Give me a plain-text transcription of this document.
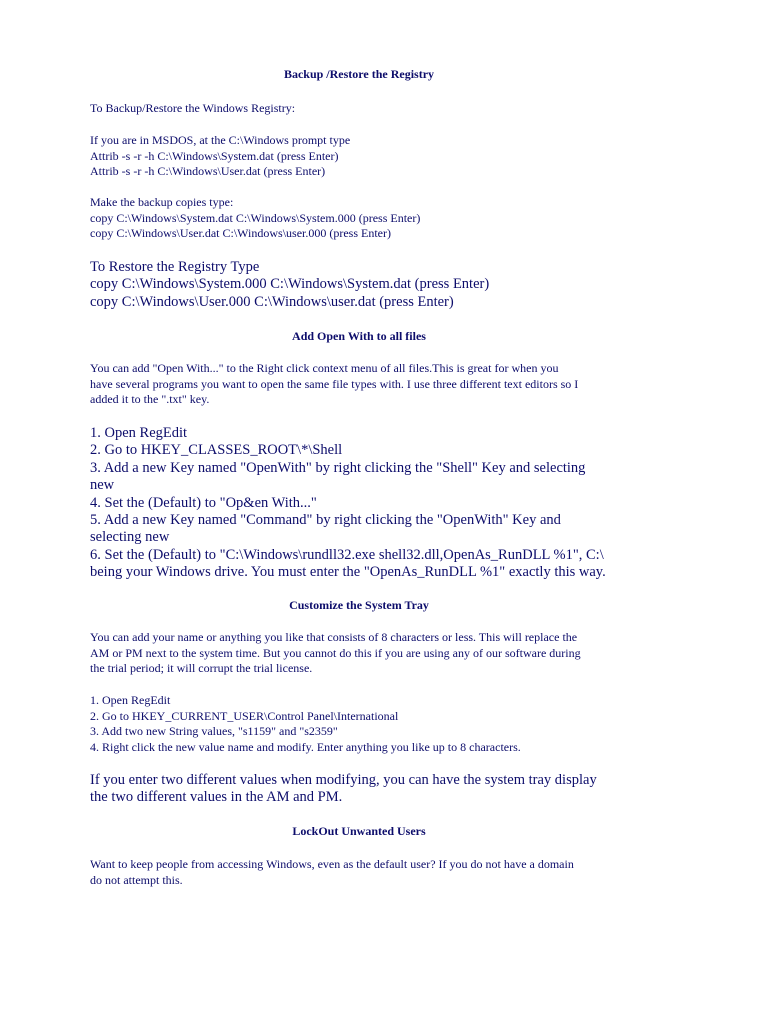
Backup /Restore the Registry

To Backup/Restore the Windows Registry:

If you are in MSDOS, at the C:\Windows prompt type
Attrib -s -r -h C:\Windows\System.dat (press Enter)
Attrib -s -r -h C:\Windows\User.dat (press Enter)

Make the backup copies type:
copy C:\Windows\System.dat C:\Windows\System.000 (press Enter)
copy C:\Windows\User.dat C:\Windows\user.000 (press Enter)

To Restore the Registry Type
copy C:\Windows\System.000 C:\Windows\System.dat (press Enter)
copy C:\Windows\User.000 C:\Windows\user.dat (press Enter)

Add Open With to all files

You can add "Open With..." to the Right click context menu of all files.This is great for when you
have several programs you want to open the same file types with. I use three different text editors so I
added it to the ".txt" key.

1. Open RegEdit
2. Go to HKEY_CLASSES_ROOT\*\Shell
3. Add a new Key named "OpenWith" by right clicking the "Shell" Key and selecting
new
4. Set the (Default) to "Op&en With..."
5. Add a new Key named "Command" by right clicking the "OpenWith" Key and
selecting new
6. Set the (Default) to "C:\Windows\rundll32.exe shell32.dll,OpenAs_RunDLL %1", C:\
being your Windows drive. You must enter the "OpenAs_RunDLL %1" exactly this way.

Customize the System Tray

You can add your name or anything you like that consists of 8 characters or less. This will replace the
AM or PM next to the system time. But you cannot do this if you are using any of our software during
the trial period; it will corrupt the trial license.

1. Open RegEdit
2. Go to HKEY_CURRENT_USER\Control Panel\International
3. Add two new String values, "s1159" and "s2359"
4. Right click the new value name and modify. Enter anything you like up to 8 characters.

If you enter two different values when modifying, you can have the system tray display
the two different values in the AM and PM.

LockOut Unwanted Users

Want to keep people from accessing Windows, even as the default user? If you do not have a domain
do not attempt this.
